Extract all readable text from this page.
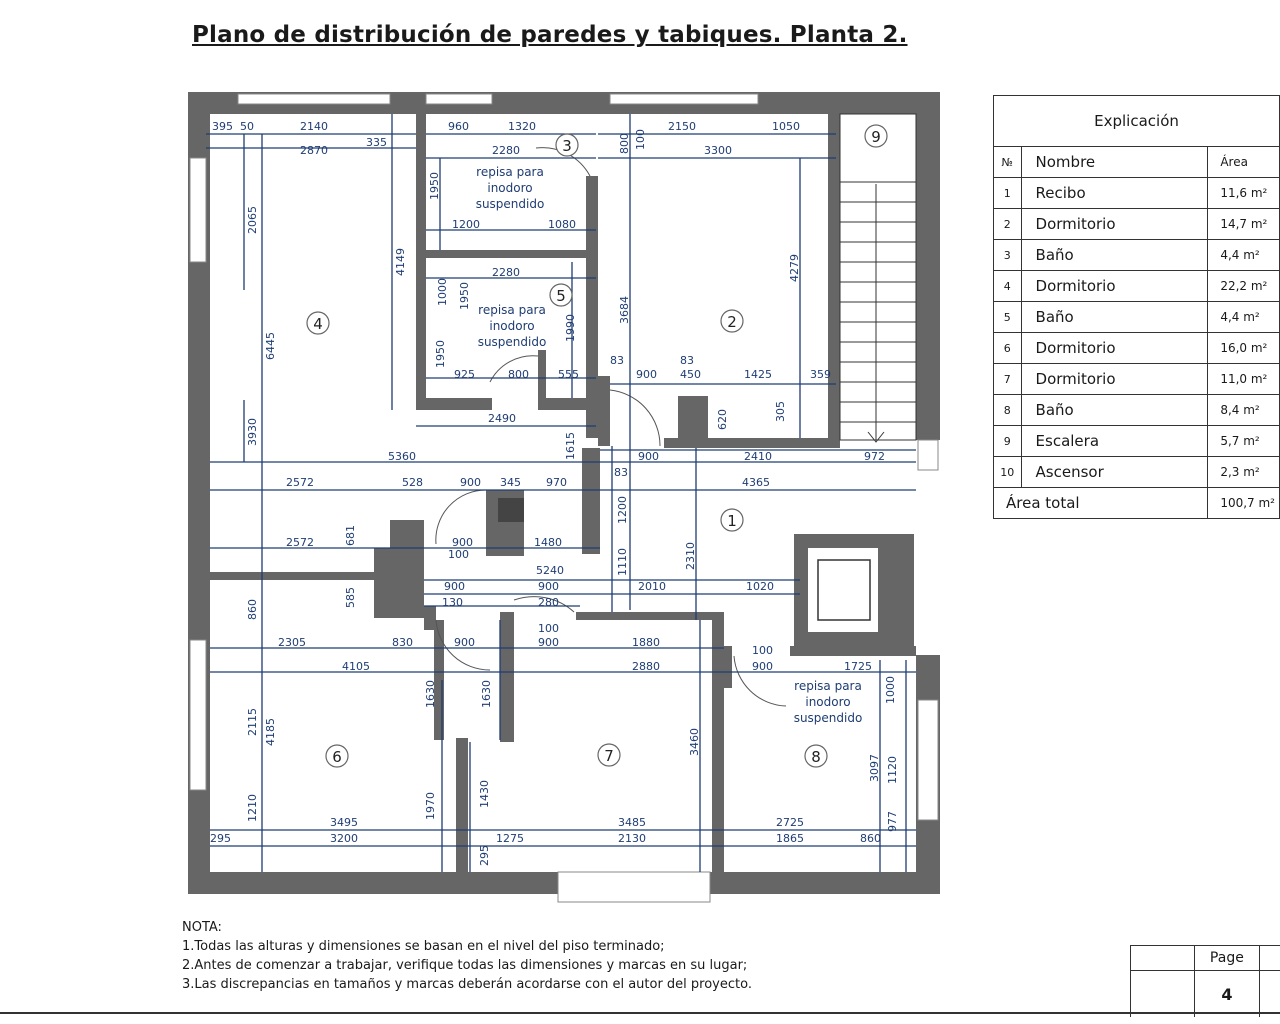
Plano de distribución de paredes y tabiques. Planta 2.
395 50	2140
2870
335
960	1320
2280
2150	1050
3300
800 100
2065
6445
3930
4149
1950
3684
4279
1200	1080
2280
1000 1950
1990
1950
925	800	555
2490
1615
83	83
83
900 450	1425	359
620	305
5360	900	2410	972
2572	528	900 345 970	4365
1200
2310
2572	681	900
100
1480
5240	1110
900	900	2010	1020
585	130	280
860
2305	830	900
100
900	1880
100
900	1725
4105	2880
2115 4185
1630	1630
3460
1000
3097 1120
1210	1970	1430
977
3495	3485	2725
295	3200	1275	2130	1865	860
295
repisa para
inodoro
suspendido
repisa para
inodoro
suspendido
repisa para
inodoro
suspendido
1
2
3
4
5
6	7	8
9
Explicación		
№	Nombre	Área
1	Recibo	11,6 m²
2	Dormitorio	14,7 m²
3	Baño	4,4 m²
4	Dormitorio	22,2 m²
5	Baño	4,4 m²
6	Dormitorio	16,0 m²
7	Dormitorio	11,0 m²
8	Baño	8,4 m²
9	Escalera	5,7 m²
10	Ascensor	2,3 m²
Área total		100,7 m²
NOTA:
1.Todas las alturas y dimensiones se basan en el nivel del piso terminado;
2.Antes de comenzar a trabajar, verifique todas las dimensiones y marcas en su lugar;
3.Las discrepancias en tamaños y marcas deberán acordarse con el autor del proyecto.
	Page	
	4	
